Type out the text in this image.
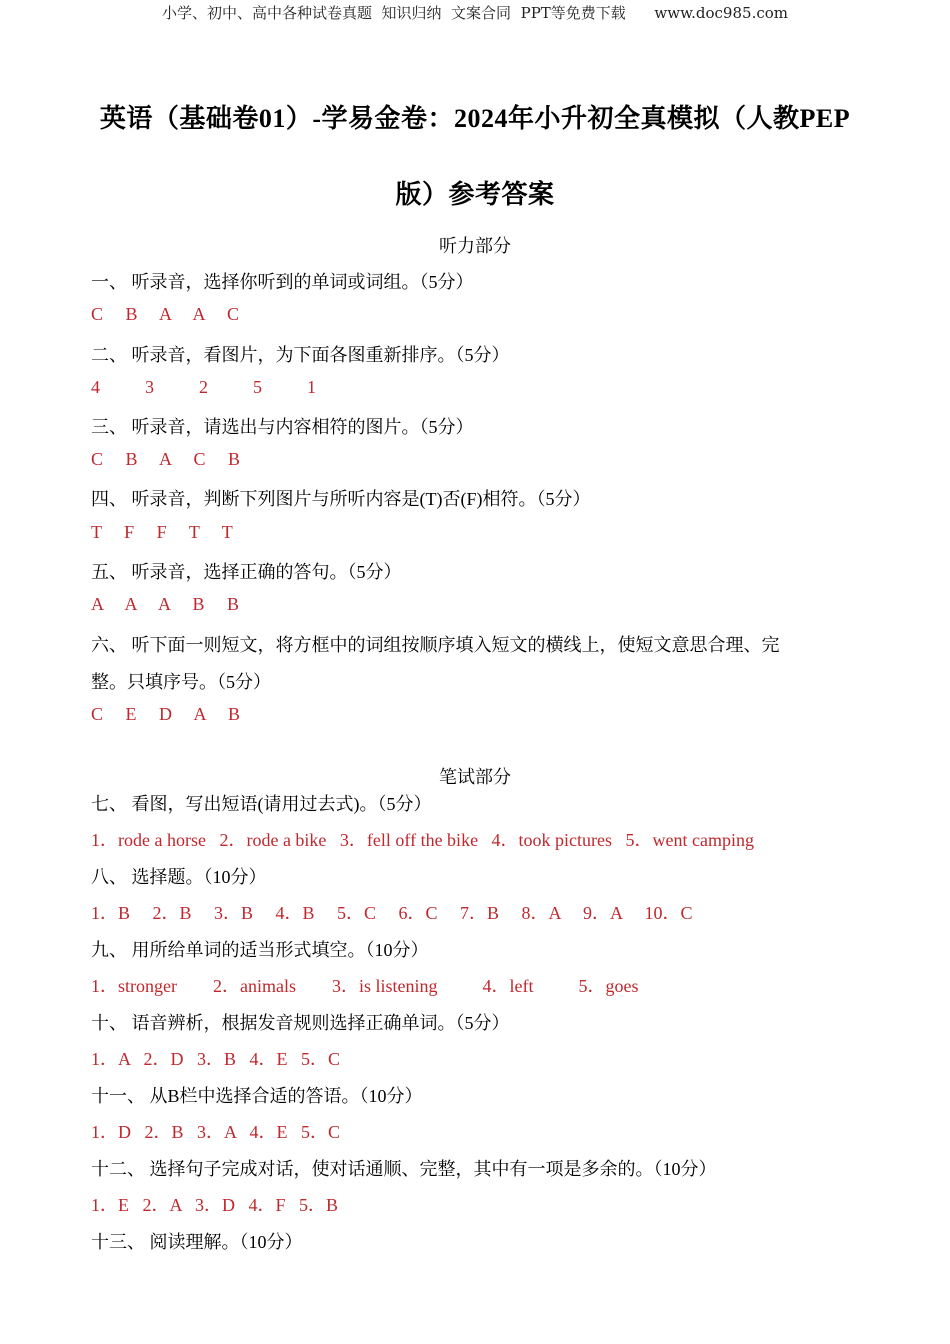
小学、初中、高中各种试卷真题  知识归纳  文案合同  PPT等免费下载      www.doc985.com
英语（基础卷01）-学易金卷：2024年小升初全真模拟（人教PEP
版）参考答案
听力部分
一、 听录音，选择你听到的单词或词组。（5分）
C     B     A     A     C
二、 听录音，看图片，为下面各图重新排序。（5分）
4          3          2          5          1
三、 听录音，请选出与内容相符的图片。（5分）
C     B     A     C     B
四、 听录音，判断下列图片与所听内容是(T)否(F)相符。（5分）
T     F     F     T     T
五、 听录音，选择正确的答句。（5分）
A     A     A     B     B
六、 听下面一则短文，将方框中的词组按顺序填入短文的横线上，使短文意思合理、完
整。只填序号。（5分）
C     E     D     A     B
笔试部分
七、 看图，写出短语(请用过去式)。（5分）
1．rode a horse   2．rode a bike   3．fell off the bike   4．took pictures   5．went camping
八、 选择题。（10分）
1．B     2．B     3．B     4．B     5．C     6．C     7．B     8．A     9．A     10．C
九、 用所给单词的适当形式填空。（10分）
1．stronger        2．animals        3．is listening          4．left          5．goes
十、 语音辨析，根据发音规则选择正确单词。（5分）
1．A   2．D   3．B   4．E   5．C
十一、 从B栏中选择合适的答语。（10分）
1．D   2．B   3．A   4．E   5．C
十二、 选择句子完成对话，使对话通顺、完整，其中有一项是多余的。（10分）
1．E   2．A   3．D   4．F   5．B
十三、 阅读理解。（10分）
